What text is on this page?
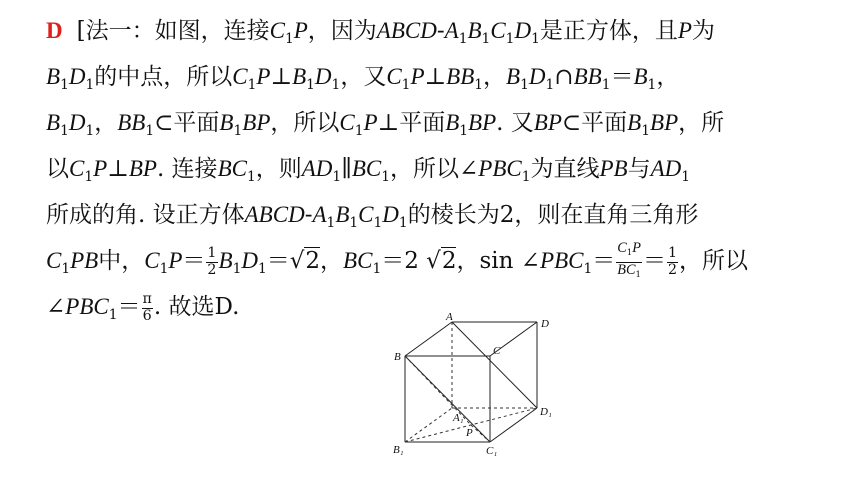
D [法一：如图，连接$C_1P$，因为ABCD-$A_1B_1C_1D_1$是正方体，且P为
$B_1D_1$的中点，所以$C_1P\perp B_1D_1$，又$C_1P\perp BB_1$，$B_1D_1\cap BB_1=B_1$，
$B_1D_1$，$BB_1\subset$平面$B_1BP$，所以$C_1P\perp$平面$B_1BP$. 又BP⊂平面$B_1BP$，所
以$C_1P\perp BP$. 连接$BC_1$，则$AD_1\parallel BC_1$，所以$\angle PBC_1$为直线PB与$AD_1$
所成的角. 设正方体ABCD-$A_1B_1C_1D_1$的棱长为2，则在直角三角形
$C_1PB$中，$C_1P= \frac{1}{2} B_1D_1=√2$，$BC_1=2$ √2，$\sin \angle PBC_1= \frac{C_1P}{BC_1} = \frac{1}{2}$ ，所以
$\angle PBC_1= \frac{\pi}{6}$ . 故选D.	A
B	C
D
A₁
B₁	C₁
D₁
P
